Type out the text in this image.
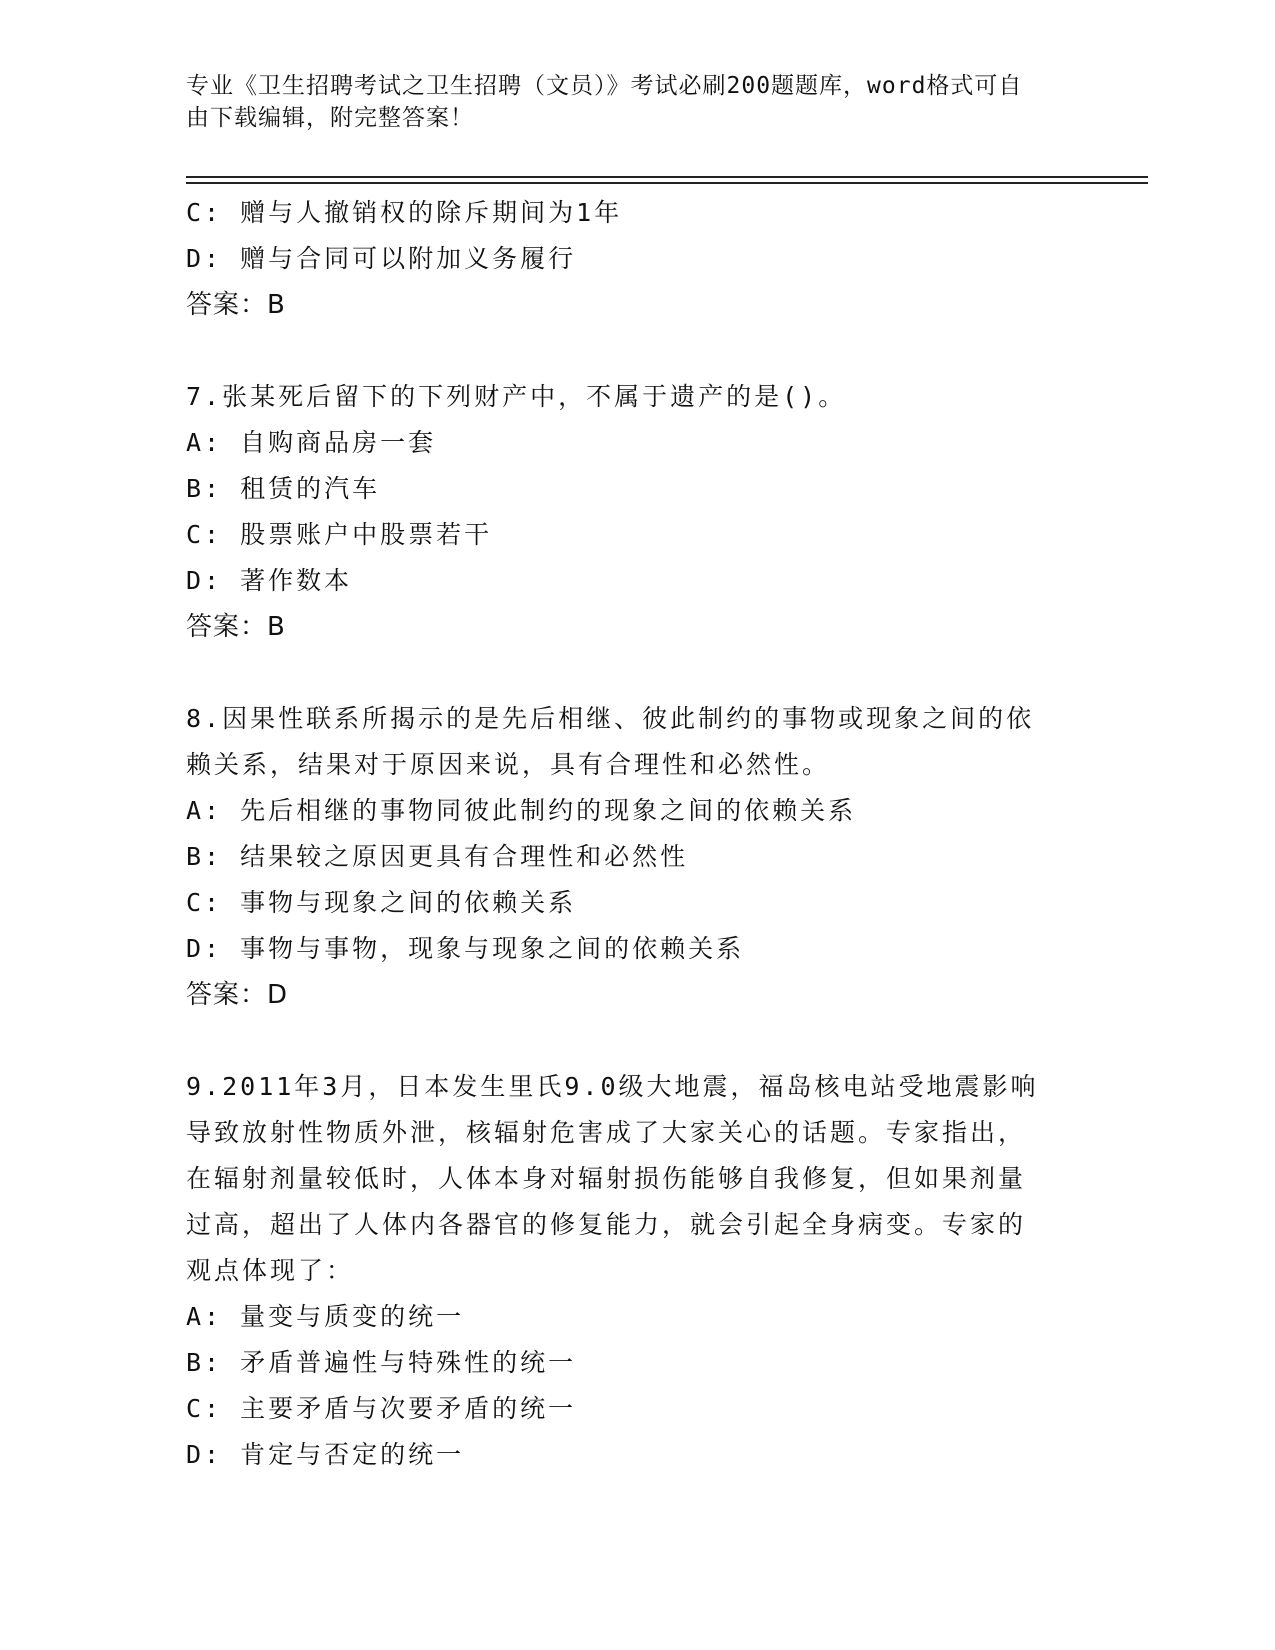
专业《卫生招聘考试之卫生招聘（文员）》考试必刷200题题库，word格式可自
由下载编辑，附完整答案！
C: 赠与人撤销权的除斥期间为1年
D: 赠与合同可以附加义务履行
答案：B
7.张某死后留下的下列财产中，不属于遗产的是()。
A: 自购商品房一套
B: 租赁的汽车
C: 股票账户中股票若干
D: 著作数本
答案：B
8.因果性联系所揭示的是先后相继、彼此制约的事物或现象之间的依
赖关系，结果对于原因来说，具有合理性和必然性。
A: 先后相继的事物同彼此制约的现象之间的依赖关系
B: 结果较之原因更具有合理性和必然性
C: 事物与现象之间的依赖关系
D: 事物与事物，现象与现象之间的依赖关系
答案：D
9.2011年3月，日本发生里氏9.0级大地震，福岛核电站受地震影响
导致放射性物质外泄，核辐射危害成了大家关心的话题。专家指出，
在辐射剂量较低时，人体本身对辐射损伤能够自我修复，但如果剂量
过高，超出了人体内各器官的修复能力，就会引起全身病变。专家的
观点体现了：
A: 量变与质变的统一
B: 矛盾普遍性与特殊性的统一
C: 主要矛盾与次要矛盾的统一
D: 肯定与否定的统一
